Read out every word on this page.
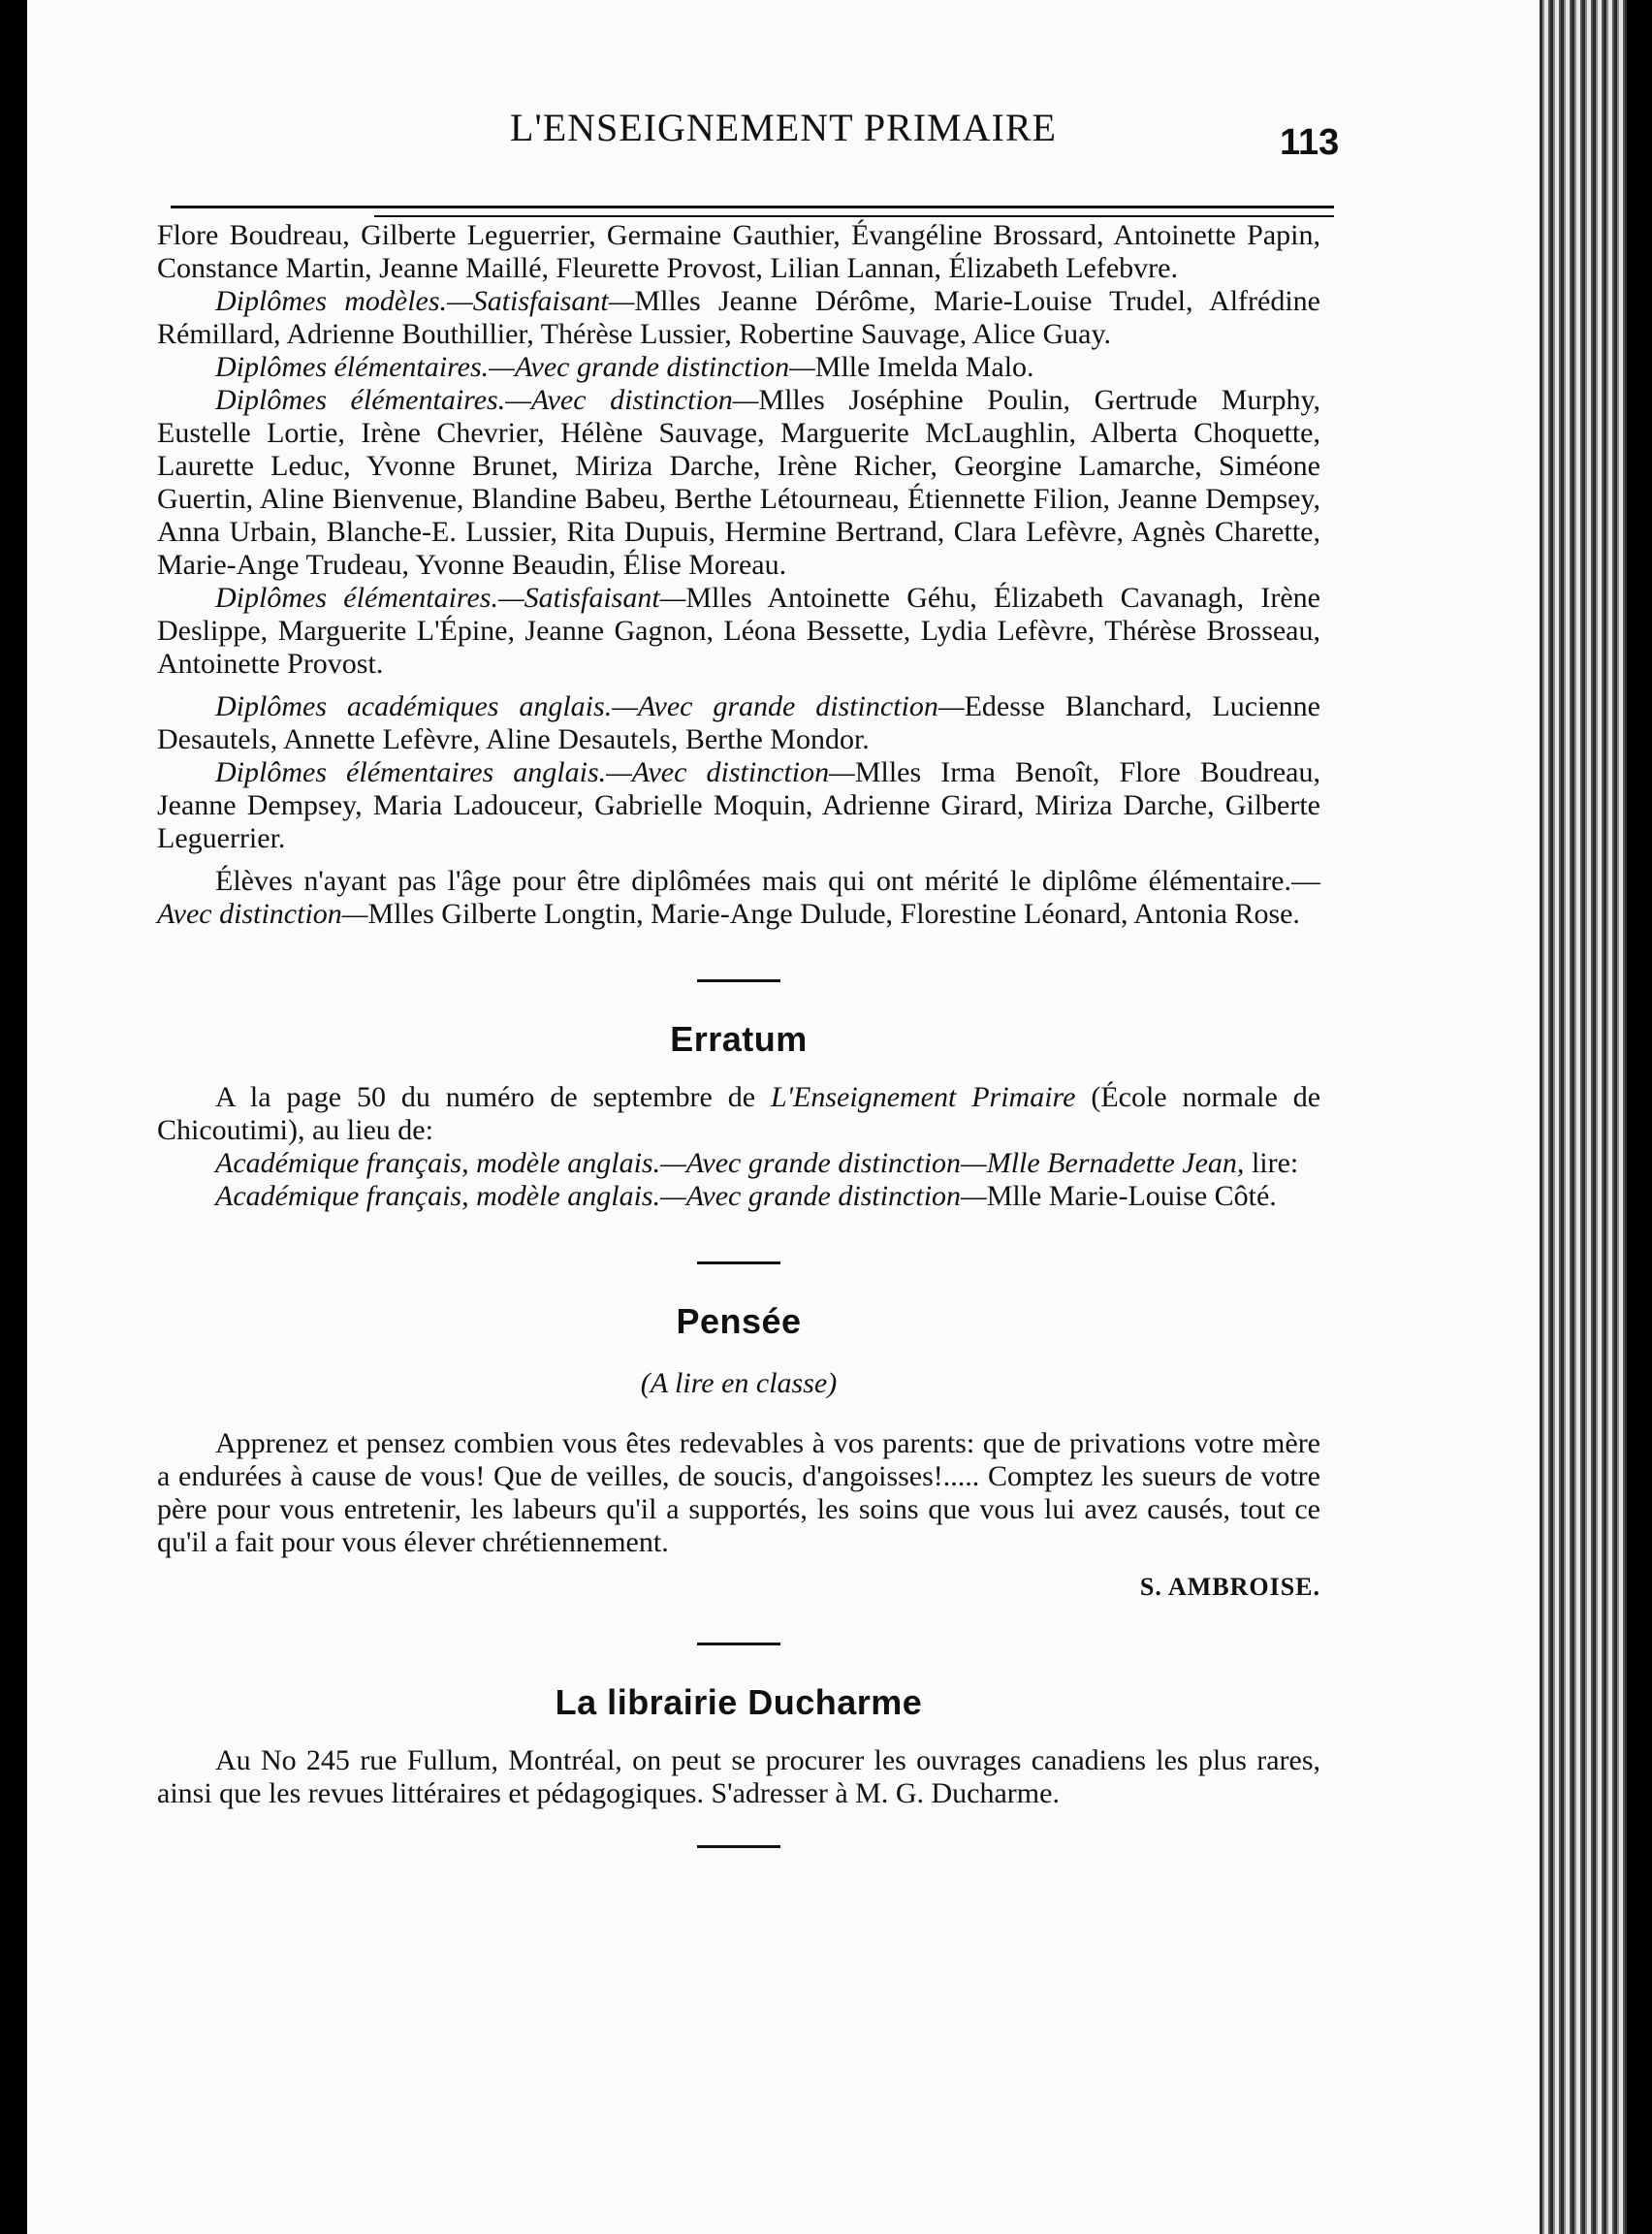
L'ENSEIGNEMENT PRIMAIRE	113

Flore Boudreau, Gilberte Leguerrier, Germaine Gauthier, Évangéline Brossard, Antoinette Papin, Constance Martin, Jeanne Maillé, Fleurette Provost, Lilian Lannan, Élizabeth Lefebvre.

Diplômes modèles.—Satisfaisant—Mlles Jeanne Dérôme, Marie-Louise Trudel, Alfrédine Rémillard, Adrienne Bouthillier, Thérèse Lussier, Robertine Sauvage, Alice Guay.

Diplômes élémentaires.—Avec grande distinction—Mlle Imelda Malo.

Diplômes élémentaires.—Avec distinction—Mlles Joséphine Poulin, Gertrude Murphy, Eustelle Lortie, Irène Chevrier, Hélène Sauvage, Marguerite McLaughlin, Alberta Choquette, Laurette Leduc, Yvonne Brunet, Miriza Darche, Irène Richer, Georgine Lamarche, Siméone Guertin, Aline Bienvenue, Blandine Babeu, Berthe Létourneau, Étiennette Filion, Jeanne Dempsey, Anna Urbain, Blanche-E. Lussier, Rita Dupuis, Hermine Bertrand, Clara Lefèvre, Agnès Charette, Marie-Ange Trudeau, Yvonne Beaudin, Élise Moreau.

Diplômes élémentaires.—Satisfaisant—Mlles Antoinette Géhu, Élizabeth Cavanagh, Irène Deslippe, Marguerite L'Épine, Jeanne Gagnon, Léona Bessette, Lydia Lefèvre, Thérèse Brosseau, Antoinette Provost.

Diplômes académiques anglais.—Avec grande distinction—Edesse Blanchard, Lucienne Desautels, Annette Lefèvre, Aline Desautels, Berthe Mondor.

Diplômes élémentaires anglais.—Avec distinction—Mlles Irma Benoît, Flore Boudreau, Jeanne Dempsey, Maria Ladouceur, Gabrielle Moquin, Adrienne Girard, Miriza Darche, Gilberte Leguerrier.

Élèves n'ayant pas l'âge pour être diplômées mais qui ont mérité le diplôme élémentaire.—Avec distinction—Mlles Gilberte Longtin, Marie-Ange Dulude, Florestine Léonard, Antonia Rose.

Erratum

A la page 50 du numéro de septembre de L'Enseignement Primaire (École normale de Chicoutimi), au lieu de:

Académique français, modèle anglais.—Avec grande distinction—Mlle Bernadette Jean, lire:

Académique français, modèle anglais.—Avec grande distinction—Mlle Marie-Louise Côté.

Pensée
(A lire en classe)

Apprenez et pensez combien vous êtes redevables à vos parents: que de privations votre mère a endurées à cause de vous! Que de veilles, de soucis, d'angoisses!..... Comptez les sueurs de votre père pour vous entretenir, les labeurs qu'il a supportés, les soins que vous lui avez causés, tout ce qu'il a fait pour vous élever chrétiennement.

S. AMBROISE.
La librairie Ducharme

Au No 245 rue Fullum, Montréal, on peut se procurer les ouvrages canadiens les plus rares, ainsi que les revues littéraires et pédagogiques. S'adresser à M. G. Ducharme.
